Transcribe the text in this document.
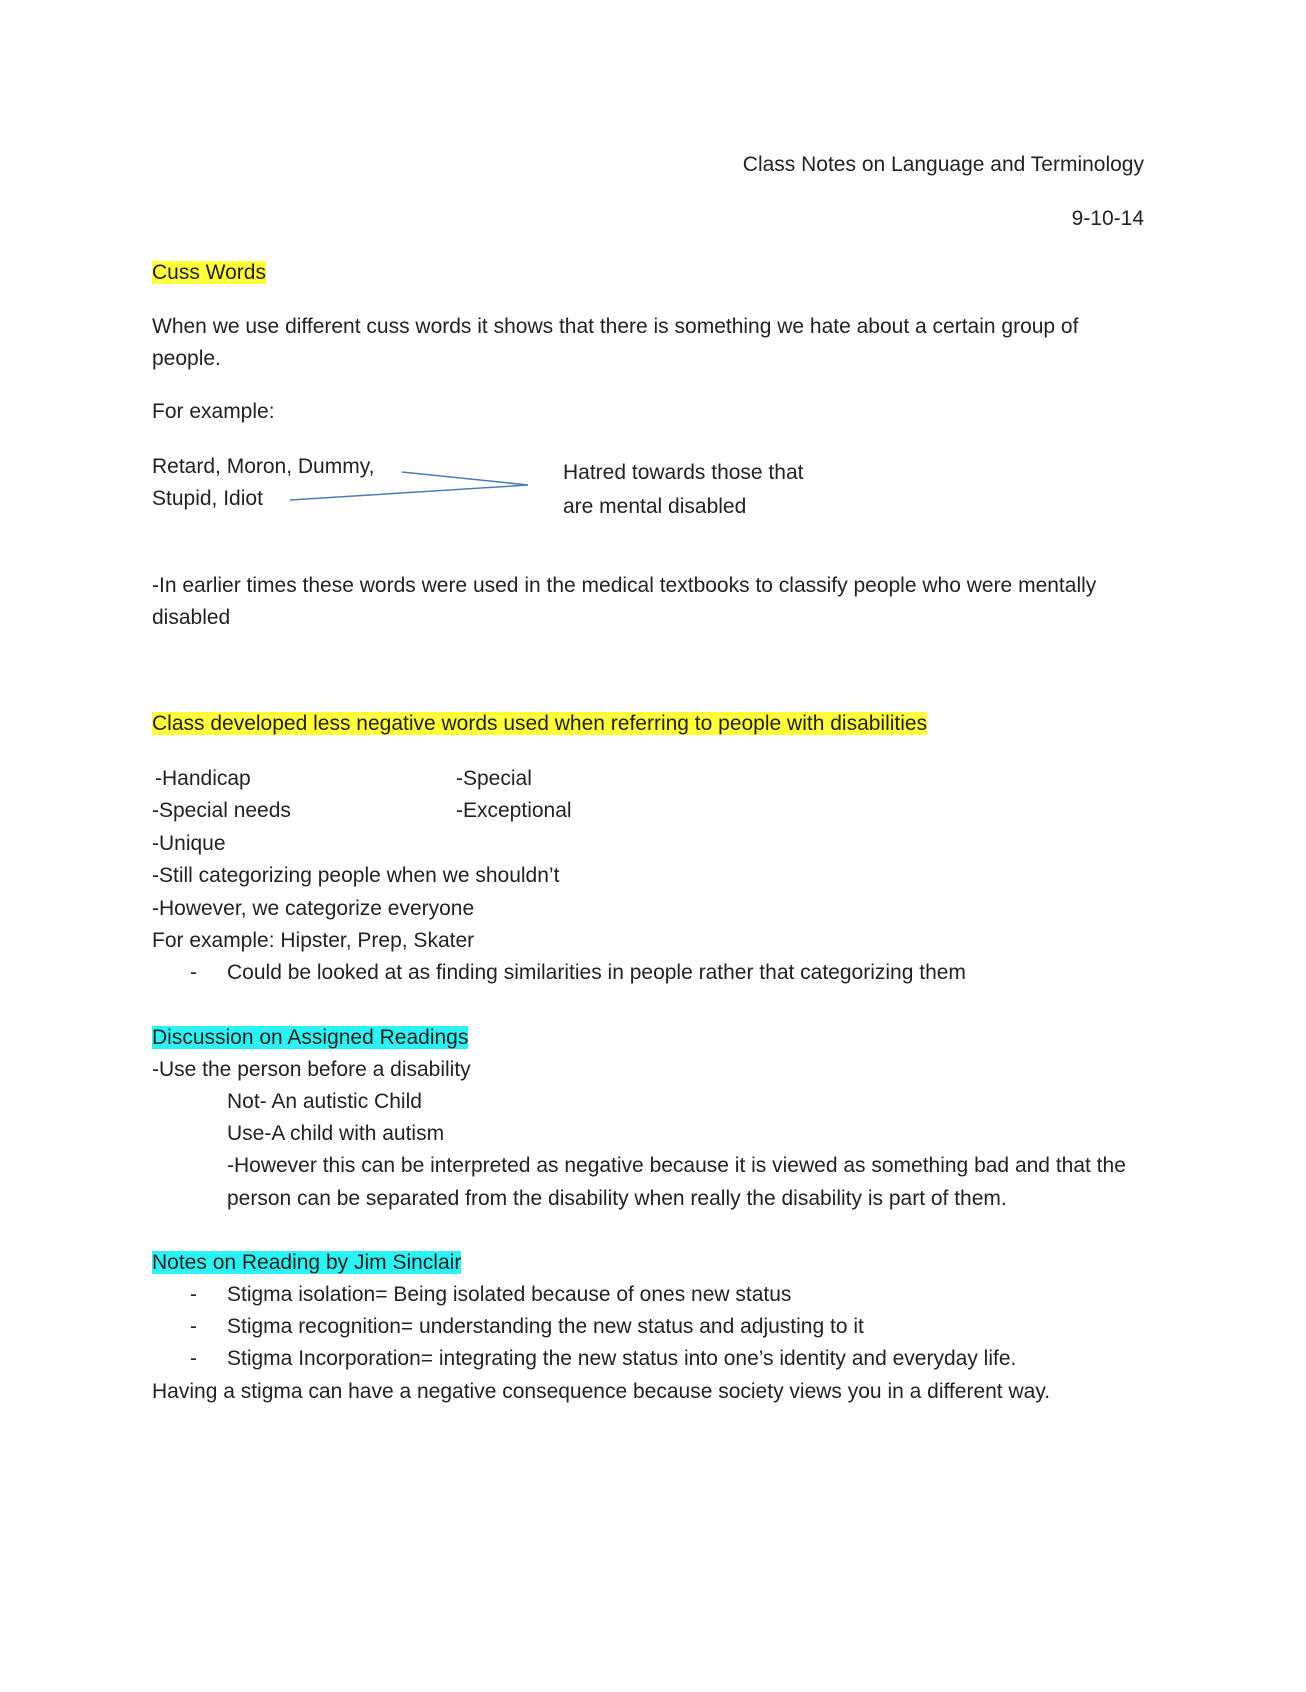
Class Notes on Language and Terminology
9-10-14
Cuss Words
When we use different cuss words it shows that there is something we hate about a certain group of
people.
For example:
Retard, Moron, Dummy,
Stupid, Idiot
Hatred towards those that
are mental disabled
-In earlier times these words were used in the medical textbooks to classify people who were mentally
disabled
Class developed less negative words used when referring to people with disabilities
-Handicap	-Special
-Special needs	-Exceptional
-Unique
-Still categorizing people when we shouldn’t
-However, we categorize everyone
For example: Hipster, Prep, Skater
- Could be looked at as finding similarities in people rather that categorizing them
Discussion on Assigned Readings
-Use the person before a disability
Not- An autistic Child
Use-A child with autism
-However this can be interpreted as negative because it is viewed as something bad and that the
person can be separated from the disability when really the disability is part of them.
Notes on Reading by Jim Sinclair
- Stigma isolation= Being isolated because of ones new status
- Stigma recognition= understanding the new status and adjusting to it
- Stigma Incorporation= integrating the new status into one’s identity and everyday life.
Having a stigma can have a negative consequence because society views you in a different way.
